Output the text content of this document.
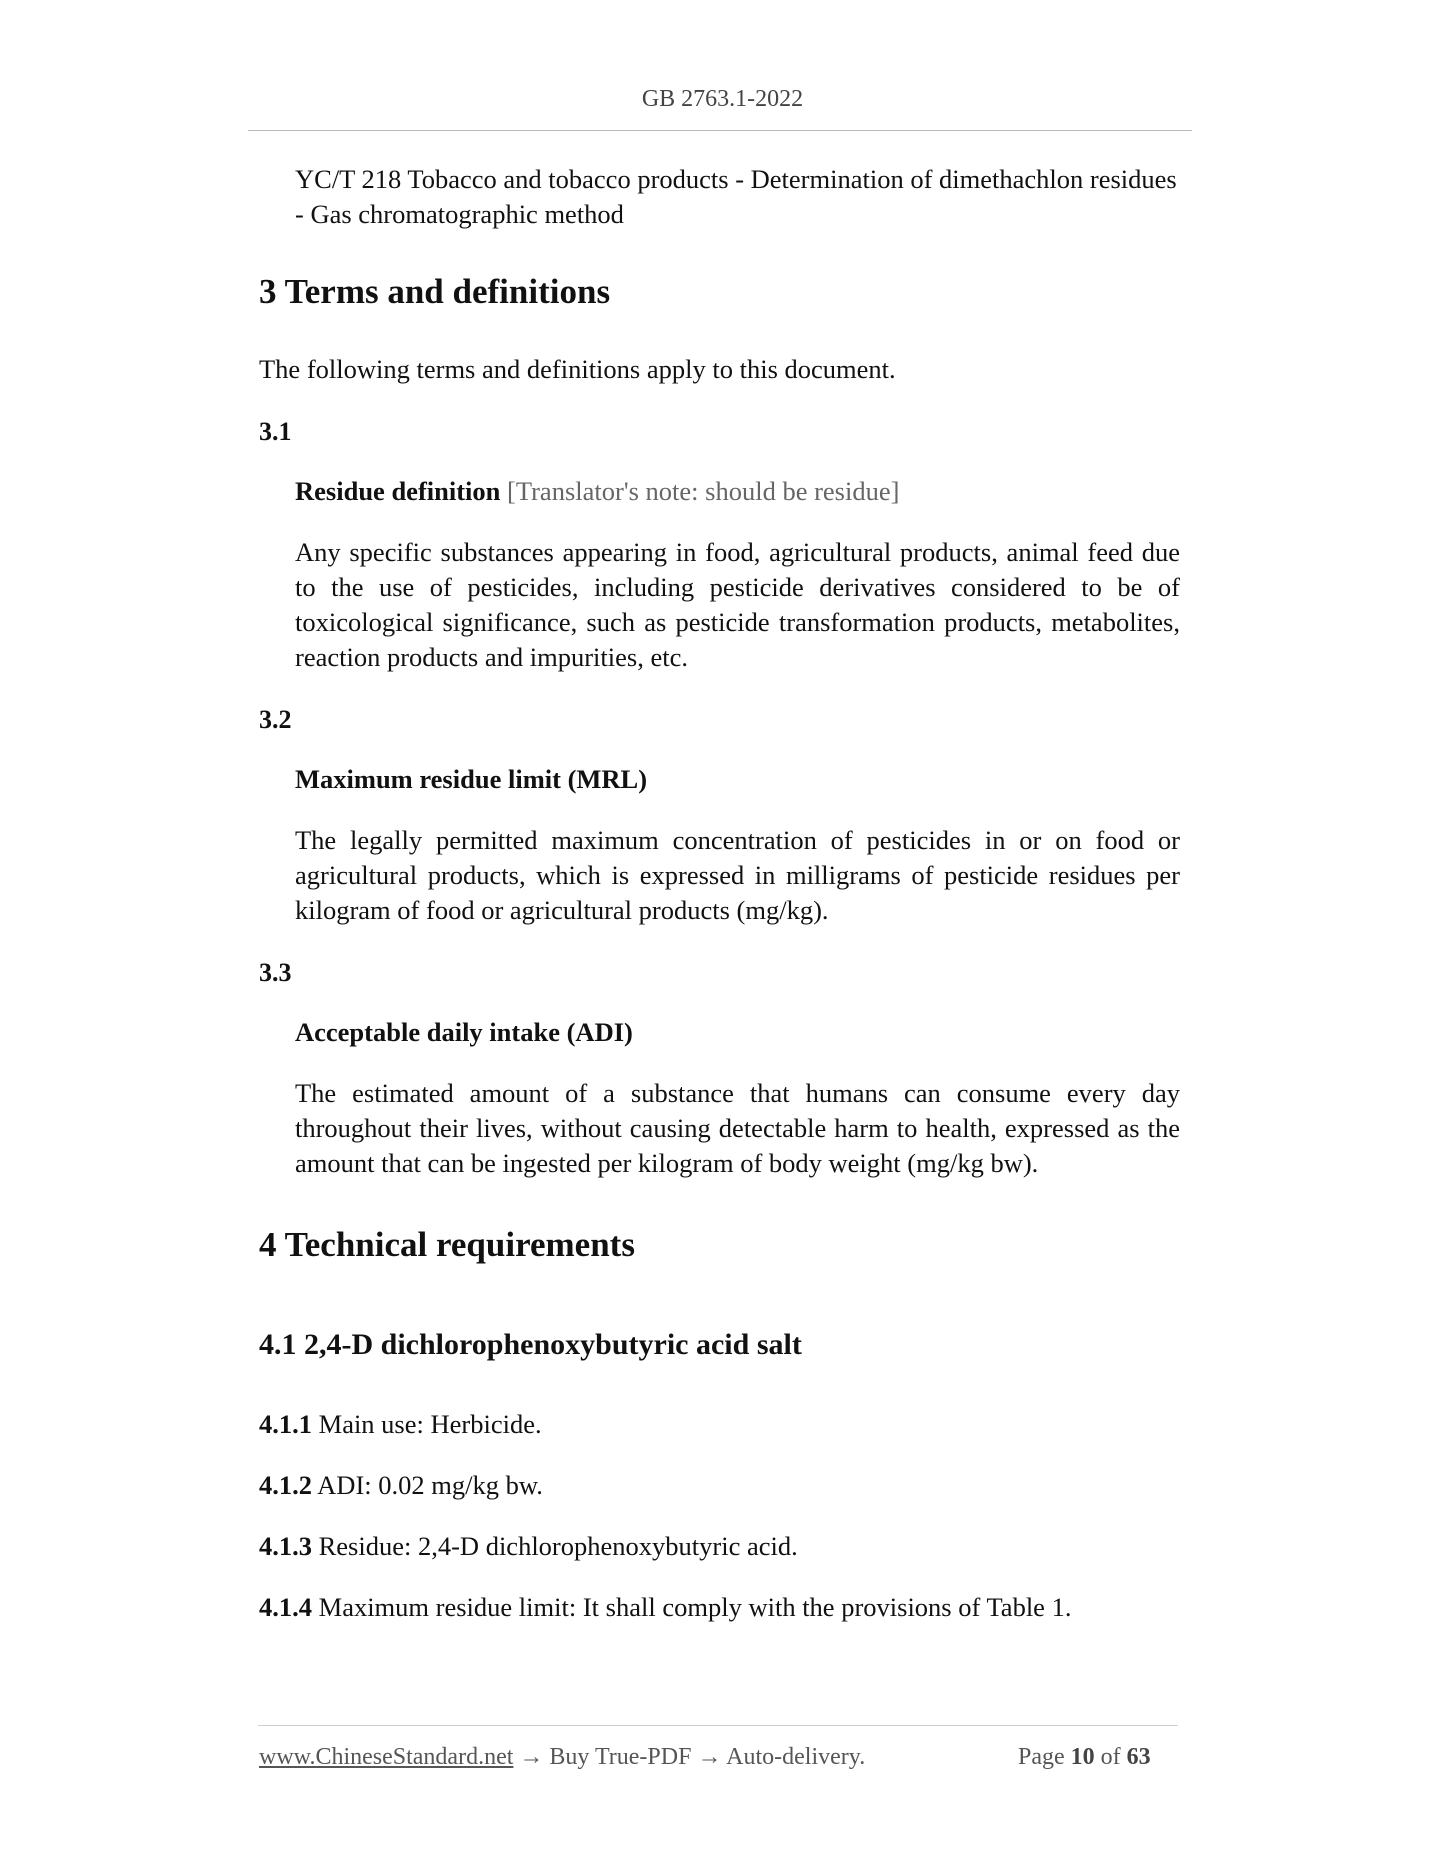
GB 2763.1-2022
YC/T 218 Tobacco and tobacco products - Determination of dimethachlon residues
- Gas chromatographic method
3 Terms and definitions
The following terms and definitions apply to this document.
3.1
Residue definition [Translator's note: should be residue]
Any specific substances appearing in food, agricultural products, animal feed due to the use of pesticides, including pesticide derivatives considered to be of toxicological significance, such as pesticide transformation products, metabolites, reaction products and impurities, etc.
3.2
Maximum residue limit (MRL)
The legally permitted maximum concentration of pesticides in or on food or agricultural products, which is expressed in milligrams of pesticide residues per kilogram of food or agricultural products (mg/kg).
3.3
Acceptable daily intake (ADI)
The estimated amount of a substance that humans can consume every day throughout their lives, without causing detectable harm to health, expressed as the amount that can be ingested per kilogram of body weight (mg/kg bw).
4 Technical requirements
4.1 2,4-D dichlorophenoxybutyric acid salt
4.1.1 Main use: Herbicide.
4.1.2 ADI: 0.02 mg/kg bw.
4.1.3 Residue: 2,4-D dichlorophenoxybutyric acid.
4.1.4 Maximum residue limit: It shall comply with the provisions of Table 1.
www.ChineseStandard.net → Buy True-PDF → Auto-delivery.	Page 10 of 63
